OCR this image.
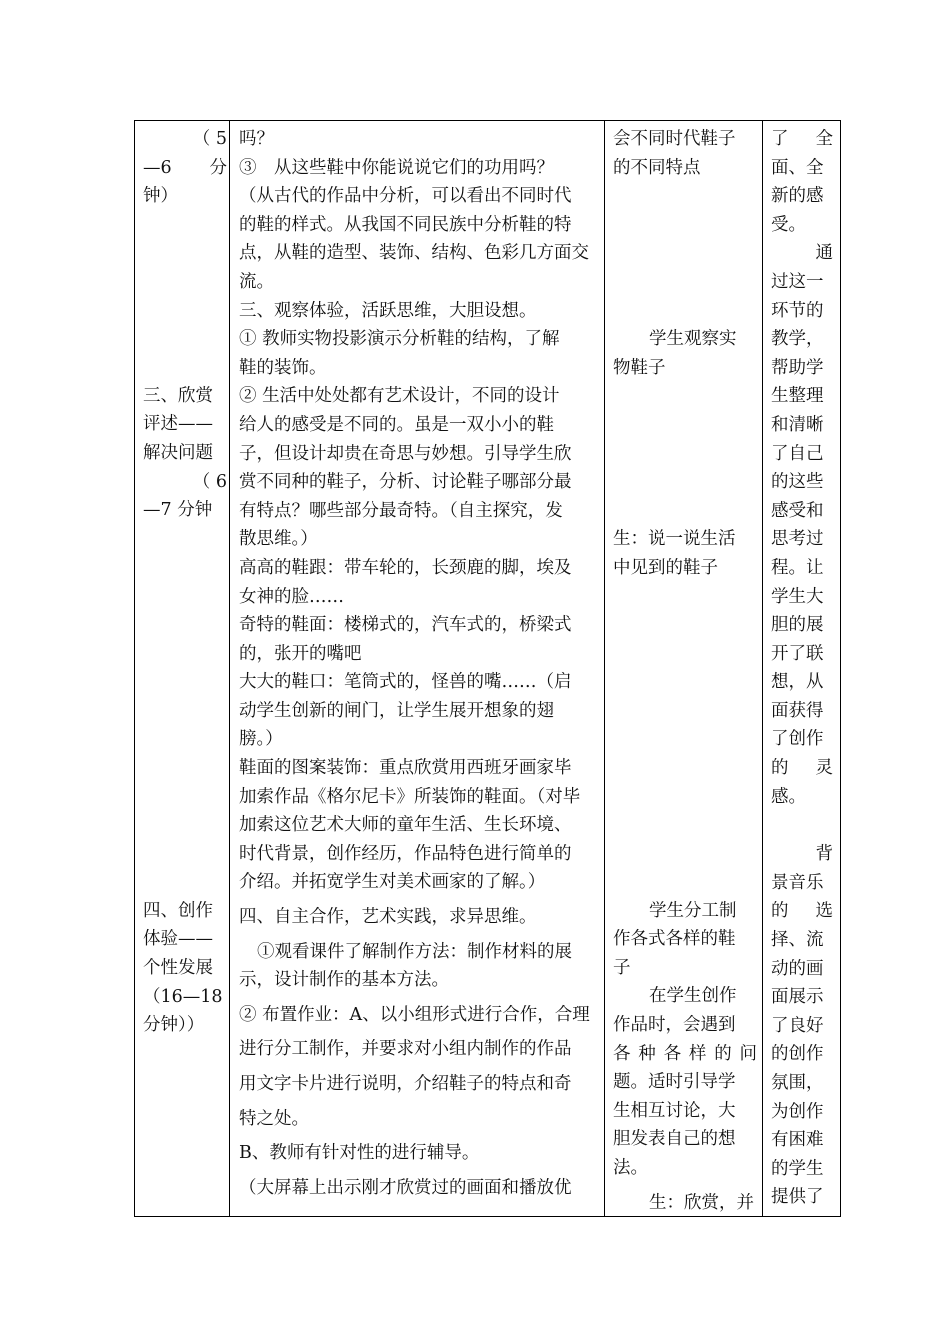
（ 5

—6　分

钟）

三、欣赏

评述——

解决问题

（ 6

—7 分钟

四、创作

体验——

个性发展

（16—18

分钟））

吗？

③　从这些鞋中你能说说它们的功用吗？

（从古代的作品中分析，可以看出不同时代

的鞋的样式。从我国不同民族中分析鞋的特

点，从鞋的造型、装饰、结构、色彩几方面交

流。

三、观察体验，活跃思维，大胆设想。

① 教师实物投影演示分析鞋的结构，了解

鞋的装饰。

② 生活中处处都有艺术设计，不同的设计

给人的感受是不同的。虽是一双小小的鞋

子，但设计却贵在奇思与妙想。引导学生欣

赏不同种的鞋子，分析、讨论鞋子哪部分最

有特点？哪些部分最奇特。（自主探究，发

散思维。）

高高的鞋跟：带车轮的，长颈鹿的脚，埃及

女神的脸……

奇特的鞋面：楼梯式的，汽车式的，桥梁式

的，张开的嘴吧

大大的鞋口：笔筒式的，怪兽的嘴……（启

动学生创新的闸门，让学生展开想象的翅

膀。）

鞋面的图案装饰：重点欣赏用西班牙画家毕

加索作品《格尔尼卡》所装饰的鞋面。（对毕

加索这位艺术大师的童年生活、生长环境、

时代背景，创作经历，作品特色进行简单的

介绍。并拓宽学生对美术画家的了解。）

四、自主合作，艺术实践，求异思维。

①观看课件了解制作方法：制作材料的展

示，设计制作的基本方法。

② 布置作业：A、以小组形式进行合作，合理

进行分工制作，并要求对小组内制作的作品

用文字卡片进行说明，介绍鞋子的特点和奇

特之处。

B、教师有针对性的进行辅导。

（大屏幕上出示刚才欣赏过的画面和播放优

会不同时代鞋子

的不同特点

学生观察实

物鞋子

生：说一说生活

中见到的鞋子

学生分工制

作各式各样的鞋

子

在学生创作

作品时，会遇到

各种各样的问

题。适时引导学

生相互讨论，大

胆发表自己的想

法。

生：欣赏，并

了　全

面、全

新的感

受。

通

过这一

环节的

教学，

帮助学

生整理

和清晰

了自己

的这些

感受和

思考过

程。让

学生大

胆的展

开了联

想，从

面获得

了创作

的　灵

感。

背

景音乐

的　选

择、流

动的画

面展示

了良好

的创作

氛围，

为创作

有困难

的学生

提供了
